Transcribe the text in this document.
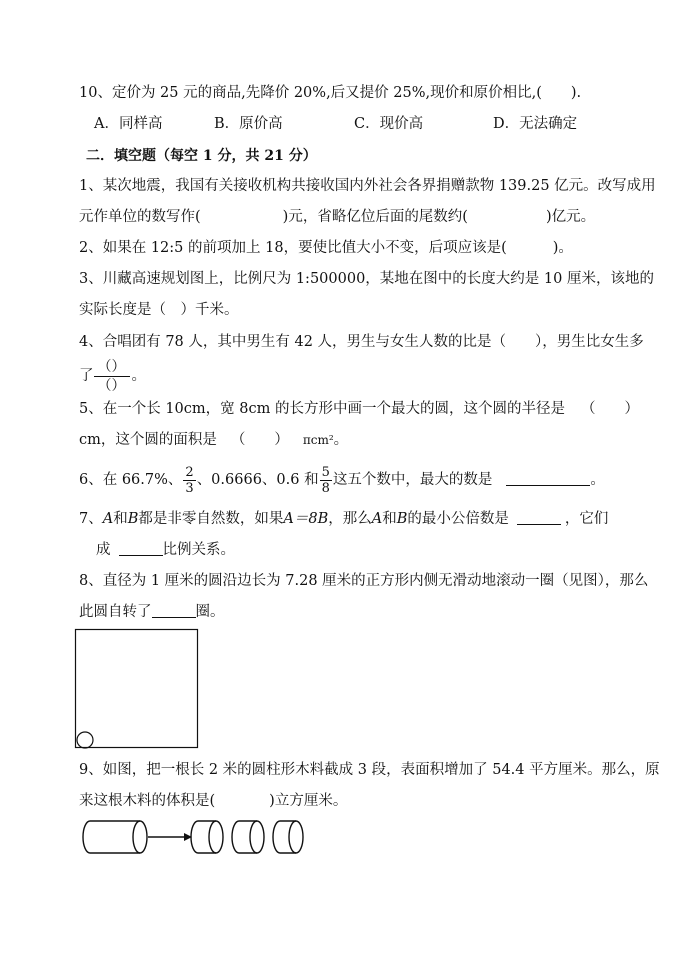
10、定价为 25 元的商品,先降价 20%,后又提价 25%,现价和原价相比,(　　).
A．同样高	B．原价高	C．现价高	D．无法确定
二．填空题（每空 1 分，共 21 分）
1、某次地震，我国有关接收机构共接收国内外社会各界捐赠款物 139.25 亿元。改写成用
元作单位的数写作(	)元，省略亿位后面的尾数约(	)亿元。
2、如果在 12:5 的前项加上 18，要使比值大小不变，后项应该是(	)。
3、川藏高速规划图上，比例尺为 1:500000，某地在图中的长度大约是 10 厘米，该地的
实际长度是（　）千米。
4、合唱团有 78 人，其中男生有 42 人，男生与女生人数的比是（　　），男生比女生多
了
（）
（）
。
5、在一个长 10cm，宽 8cm 的长方形中画一个最大的圆，这个圆的半径是 （　　）
cm，这个圆的面积是 （　　） πcm²。
6、在 66.7%、 $\frac{2}{3}$ 、0.6666、0.6 和 $\frac{5}{8}$ 这五个数中，最大的数是	。
7、A和B都是非零自然数，如果A＝8B，那么A和B的最小公倍数是	，它们
成	比例关系。
8、直径为 1 厘米的圆沿边长为 7.28 厘米的正方形内侧无滑动地滚动一圈（见图），那么
此圆自转了	圈。
9、如图，把一根长 2 米的圆柱形木料截成 3 段，表面积增加了 54.4 平方厘米。那么，原
来这根木料的体积是(	)立方厘米。
